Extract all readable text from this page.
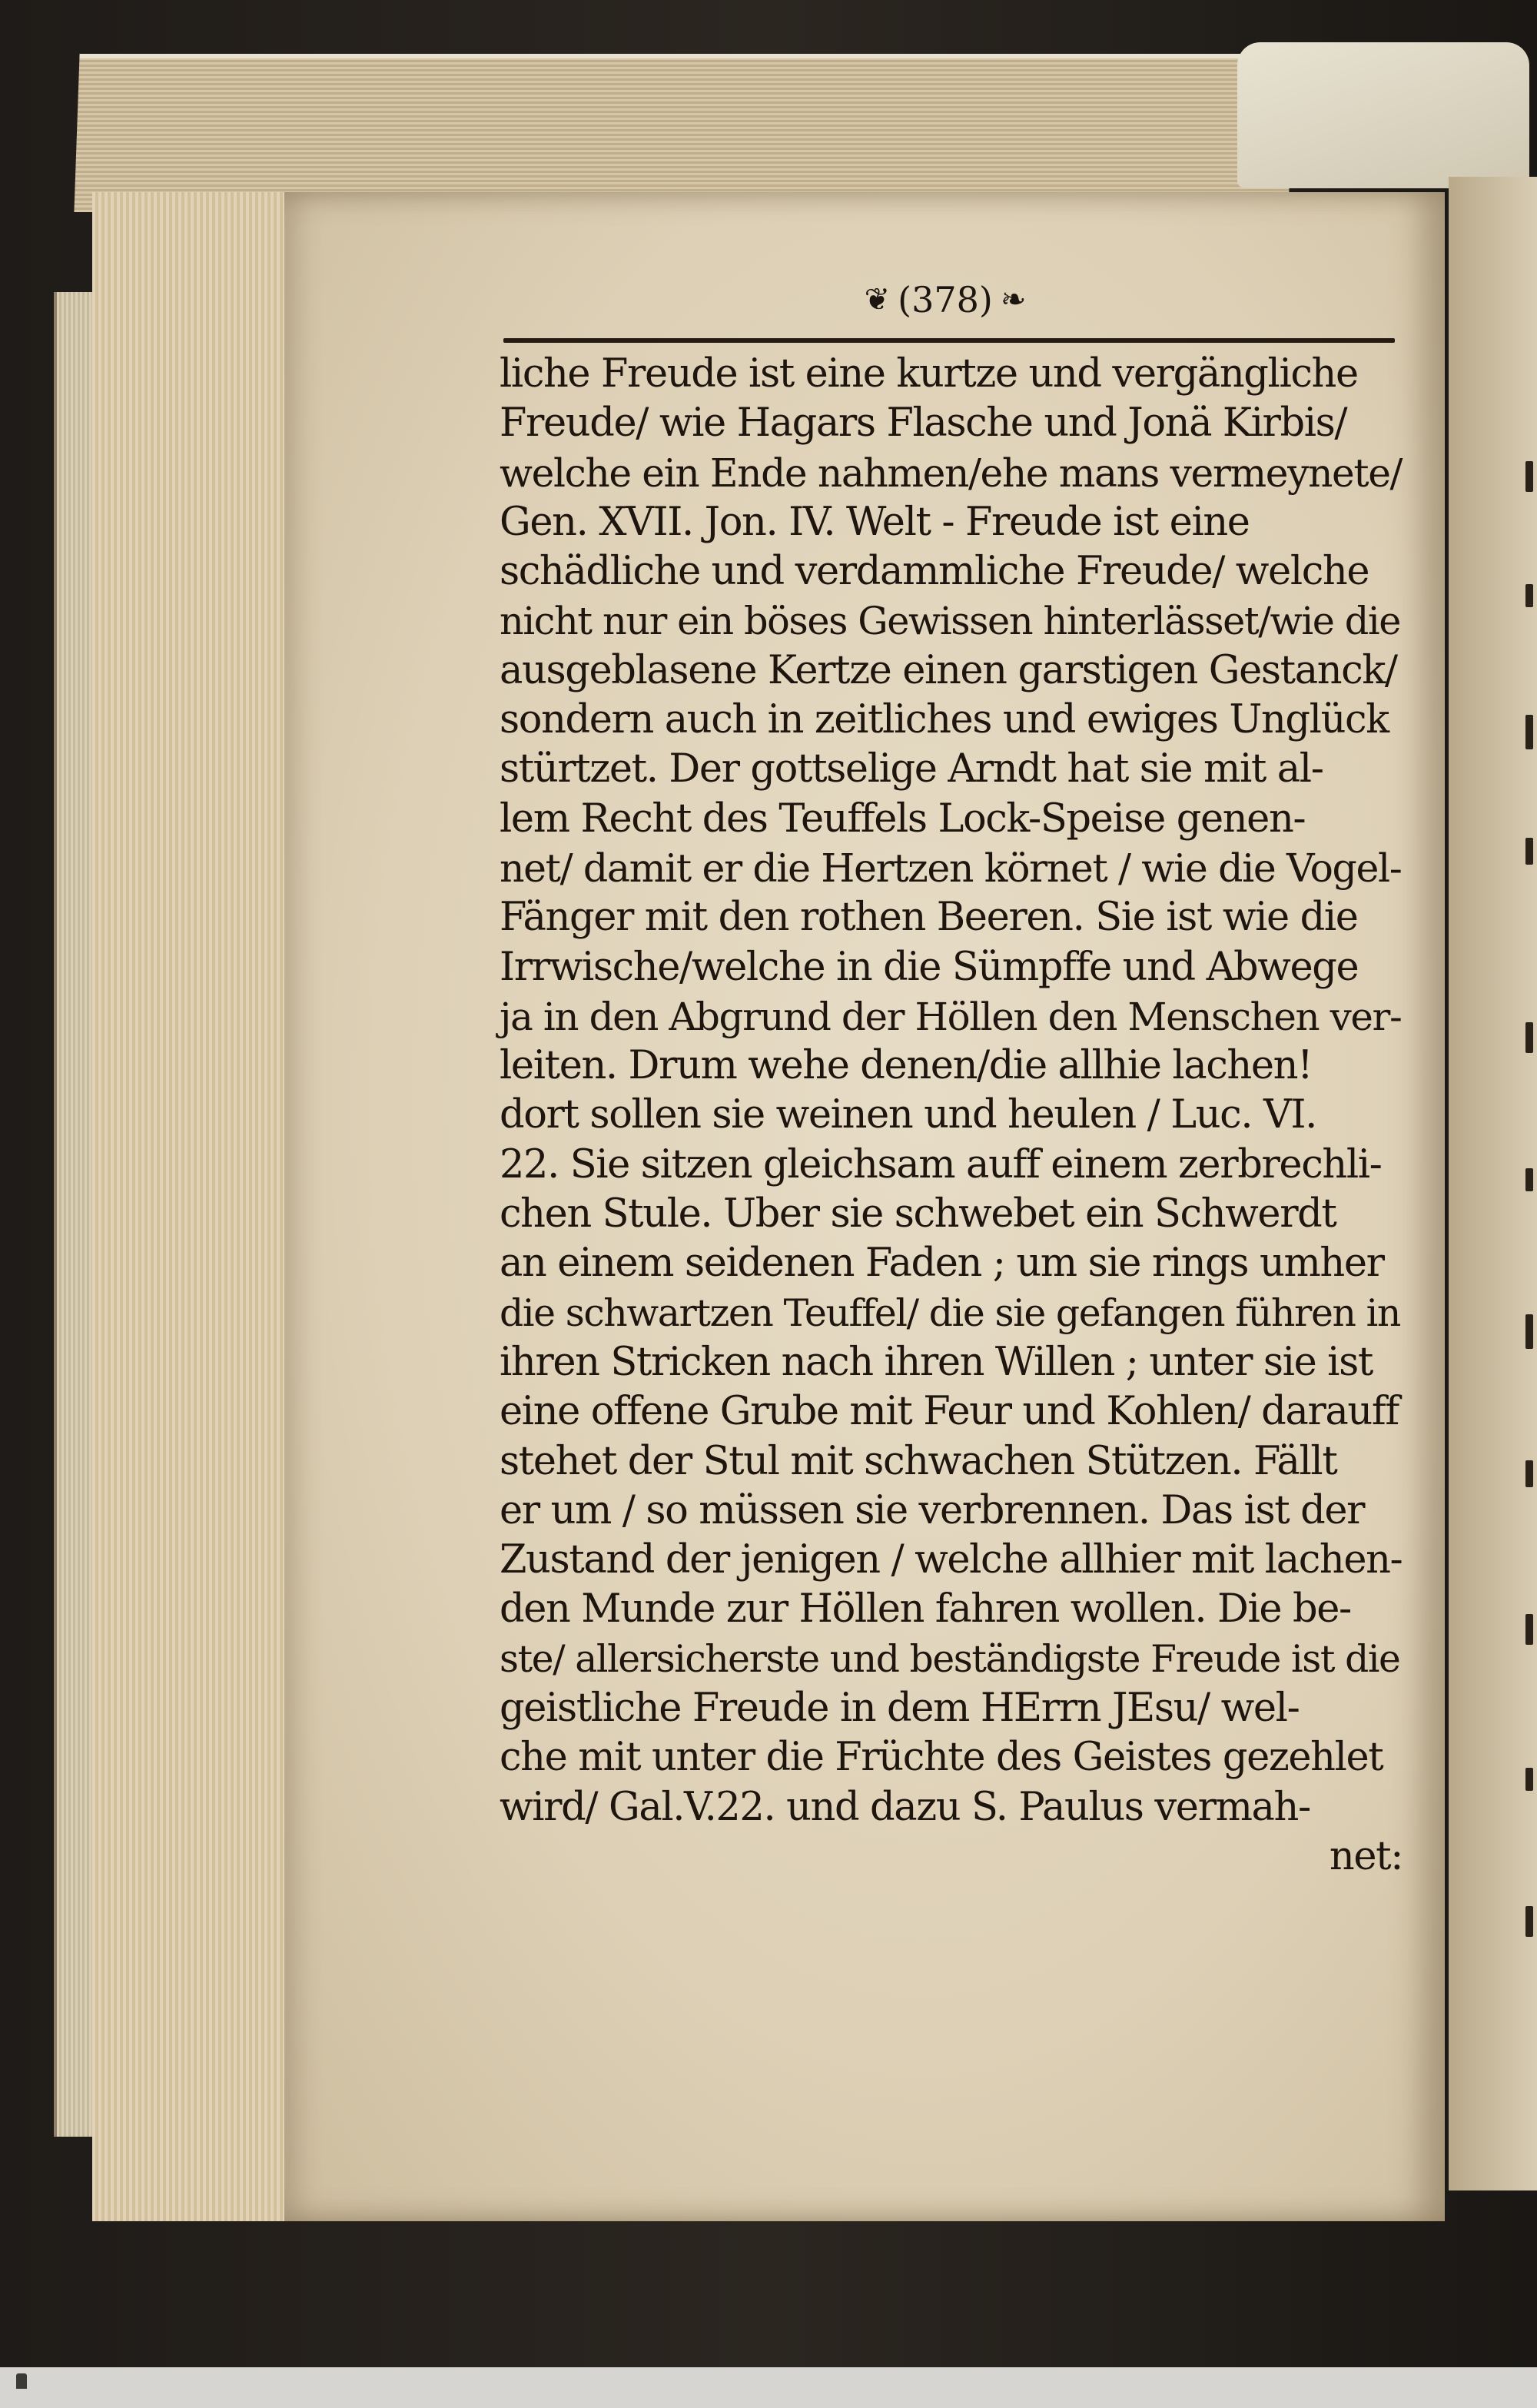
❦ (378) ❧
liche Freude ist eine kurtze und vergängliche
Freude/ wie Hagars Flasche und Jonä Kirbis/
welche ein Ende nahmen/ehe mans vermeynete/
Gen. XVII. Jon. IV. Welt - Freude ist eine
schädliche und verdammliche Freude/ welche
nicht nur ein böses Gewissen hinterlässet/wie die
ausgeblasene Kertze einen garstigen Gestanck/
sondern auch in zeitliches und ewiges Unglück
stürtzet. Der gottselige Arndt hat sie mit al-
lem Recht des Teuffels Lock-Speise genen-
net/ damit er die Hertzen körnet / wie die Vogel-
Fänger mit den rothen Beeren. Sie ist wie die
Irrwische/welche in die Sümpffe und Abwege
ja in den Abgrund der Höllen den Menschen ver-
leiten. Drum wehe denen/die allhie lachen!
dort sollen sie weinen und heulen / Luc. VI.
22. Sie sitzen gleichsam auff einem zerbrechli-
chen Stule. Uber sie schwebet ein Schwerdt
an einem seidenen Faden ; um sie rings umher
die schwartzen Teuffel/ die sie gefangen führen in
ihren Stricken nach ihren Willen ; unter sie ist
eine offene Grube mit Feur und Kohlen/ darauff
stehet der Stul mit schwachen Stützen. Fällt
er um / so müssen sie verbrennen. Das ist der
Zustand der jenigen / welche allhier mit lachen-
den Munde zur Höllen fahren wollen. Die be-
ste/ allersicherste und beständigste Freude ist die
geistliche Freude in dem HErrn JEsu/ wel-
che mit unter die Früchte des Geistes gezehlet
wird/ Gal.V.22. und dazu S. Paulus vermah-
net:
